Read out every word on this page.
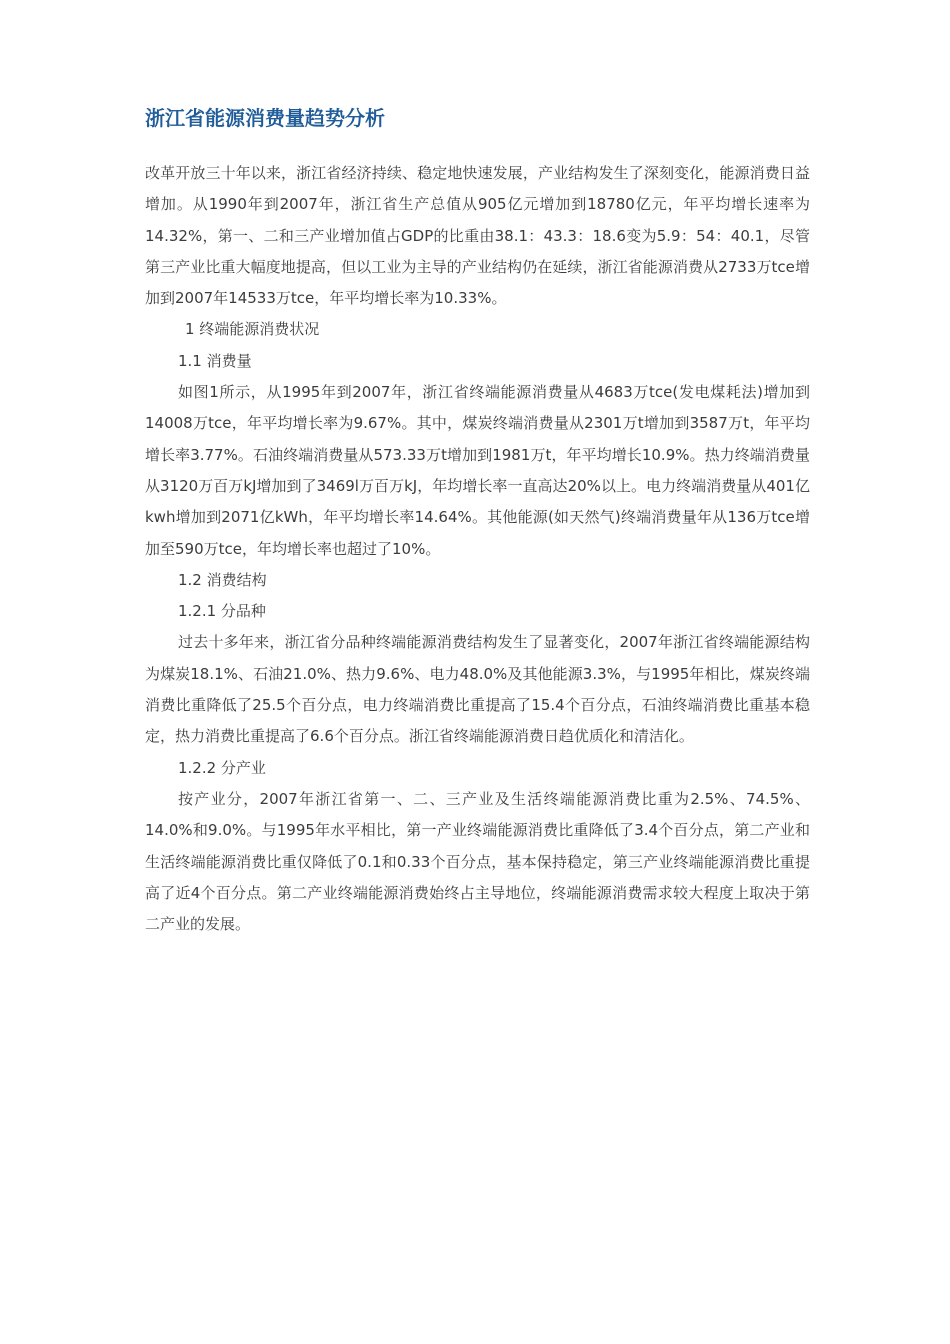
浙江省能源消费量趋势分析

改革开放三十年以来，浙江省经济持续、稳定地快速发展，产业结构发生了深刻变化，能源消费日益增加。从1990年到2007年，浙江省生产总值从905亿元增加到18780亿元，年平均增长速率为14.32%，第一、二和三产业增加值占GDP的比重由38.1：43.3：18.6变为5.9：54：40.1，尽管第三产业比重大幅度地提高，但以工业为主导的产业结构仍在延续，浙江省能源消费从2733万tce增加到2007年14533万tce，年平均增长率为10.33%。

1 终端能源消费状况

1.1 消费量

如图1所示，从1995年到2007年，浙江省终端能源消费量从4683万tce(发电煤耗法)增加到14008万tce，年平均增长率为9.67%。其中，煤炭终端消费量从2301万t增加到3587万t，年平均增长率3.77%。石油终端消费量从573.33万t增加到1981万t，年平均增长10.9%。热力终端消费量从3120万百万kJ增加到了3469l万百万kJ，年均增长率一直高达20%以上。电力终端消费量从401亿kwh增加到2071亿kWh，年平均增长率14.64%。其他能源(如天然气)终端消费量年从136万tce增加至590万tce，年均增长率也超过了10%。

1.2 消费结构

1.2.1 分品种

过去十多年来，浙江省分品种终端能源消费结构发生了显著变化，2007年浙江省终端能源结构为煤炭18.1%、石油21.0%、热力9.6%、电力48.0%及其他能源3.3%，与1995年相比，煤炭终端消费比重降低了25.5个百分点，电力终端消费比重提高了15.4个百分点，石油终端消费比重基本稳定，热力消费比重提高了6.6个百分点。浙江省终端能源消费日趋优质化和清洁化。

1.2.2 分产业

按产业分，2007年浙江省第一、二、三产业及生活终端能源消费比重为2.5%、74.5%、14.0%和9.0%。与1995年水平相比，第一产业终端能源消费比重降低了3.4个百分点，第二产业和生活终端能源消费比重仅降低了0.1和0.33个百分点，基本保持稳定，第三产业终端能源消费比重提高了近4个百分点。第二产业终端能源消费始终占主导地位，终端能源消费需求较大程度上取决于第二产业的发展。
